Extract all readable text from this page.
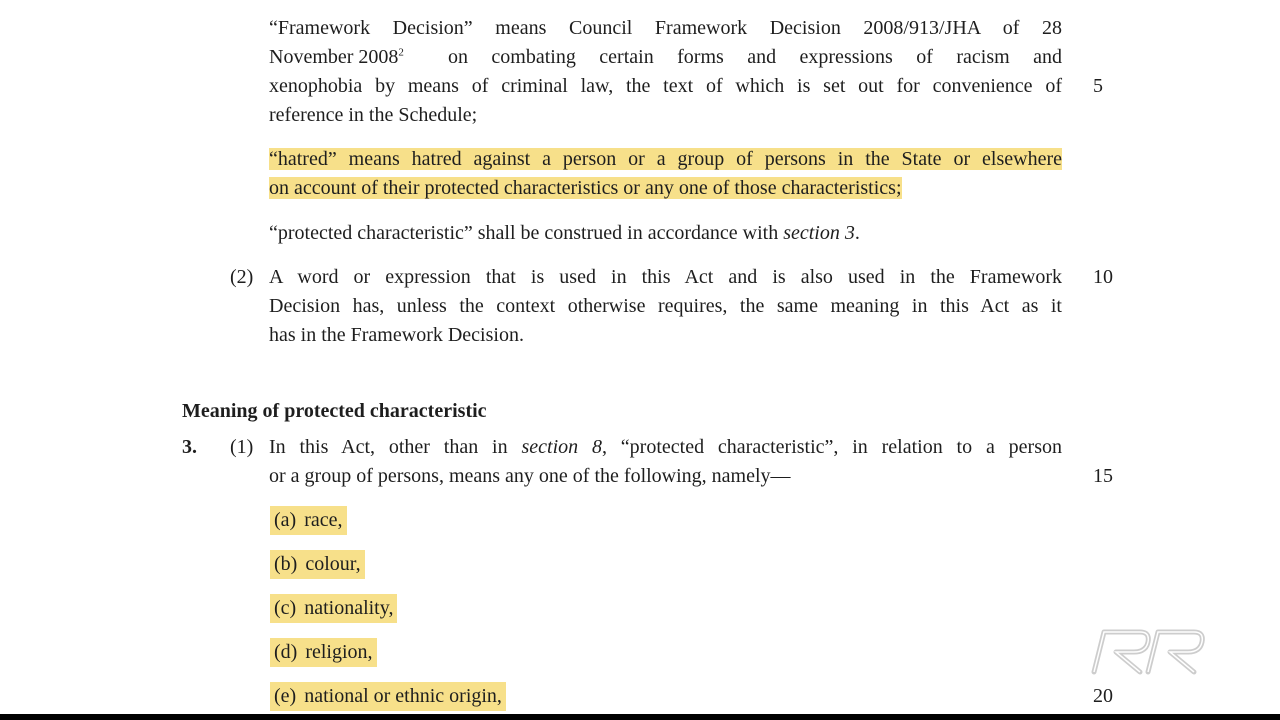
“Framework Decision” means Council Framework Decision 2008/913/JHA of 28
November 2008$^2$ on combating certain forms and expressions of racism and
xenophobia by means of criminal law, the text of which is set out for convenience of
reference in the Schedule;
5
“hatred” means hatred against a person or a group of persons in the State or elsewhere
on account of their protected characteristics or any one of those characteristics;
“protected characteristic” shall be construed in accordance with section 3.
(2) A word or expression that is used in this Act and is also used in the Framework
Decision has, unless the context otherwise requires, the same meaning in this Act as it
has in the Framework Decision.
10
Meaning of protected characteristic
3. (1) In this Act, other than in section 8, “protected characteristic”, in relation to a person
or a group of persons, means any one of the following, namely—	15
(a) race,
(b) colour,
(c) nationality,
(d) religion,
(e) national or ethnic origin,	20
